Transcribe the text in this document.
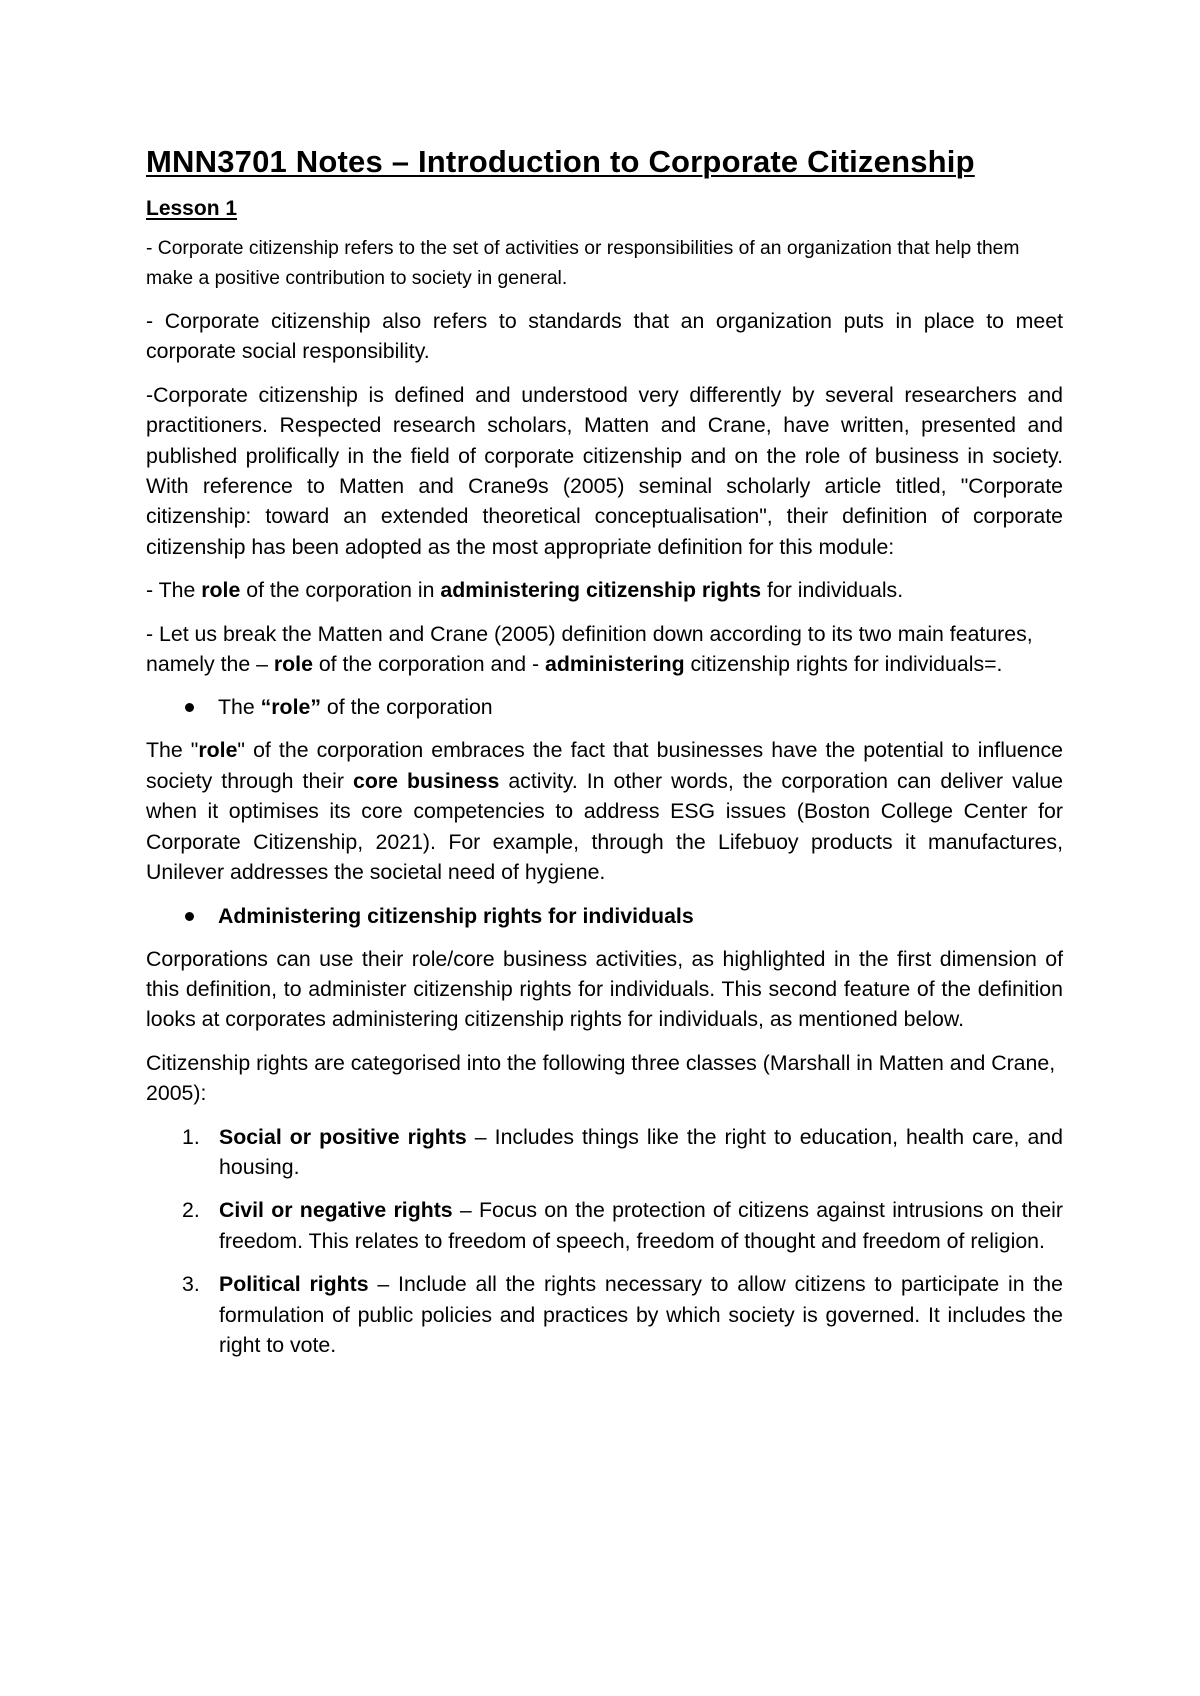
MNN3701 Notes – Introduction to Corporate Citizenship
Lesson 1

- Corporate citizenship refers to the set of activities or responsibilities of an organization that help them make a positive contribution to society in general.

- Corporate citizenship also refers to standards that an organization puts in place to meet corporate social responsibility.

-Corporate citizenship is defined and understood very differently by several researchers and practitioners. Respected research scholars, Matten and Crane, have written, presented and published prolifically in the field of corporate citizenship and on the role of business in society. With reference to Matten and Crane9s (2005) seminal scholarly article titled, "Corporate citizenship: toward an extended theoretical conceptualisation", their definition of corporate citizenship has been adopted as the most appropriate definition for this module:

- The role of the corporation in administering citizenship rights for individuals.

- Let us break the Matten and Crane (2005) definition down according to its two main features, namely the – role of the corporation and - administering citizenship rights for individuals=.

The “role” of the corporation

The "role" of the corporation embraces the fact that businesses have the potential to influence society through their core business activity. In other words, the corporation can deliver value when it optimises its core competencies to address ESG issues (Boston College Center for Corporate Citizenship, 2021). For example, through the Lifebuoy products it manufactures, Unilever addresses the societal need of hygiene.

Administering citizenship rights for individuals

Corporations can use their role/core business activities, as highlighted in the first dimension of this definition, to administer citizenship rights for individuals. This second feature of the definition looks at corporates administering citizenship rights for individuals, as mentioned below.

Citizenship rights are categorised into the following three classes (Marshall in Matten and Crane, 2005):

1. Social or positive rights – Includes things like the right to education, health care, and housing.
2. Civil or negative rights – Focus on the protection of citizens against intrusions on their freedom. This relates to freedom of speech, freedom of thought and freedom of religion.
3. Political rights – Include all the rights necessary to allow citizens to participate in the formulation of public policies and practices by which society is governed. It includes the right to vote.
